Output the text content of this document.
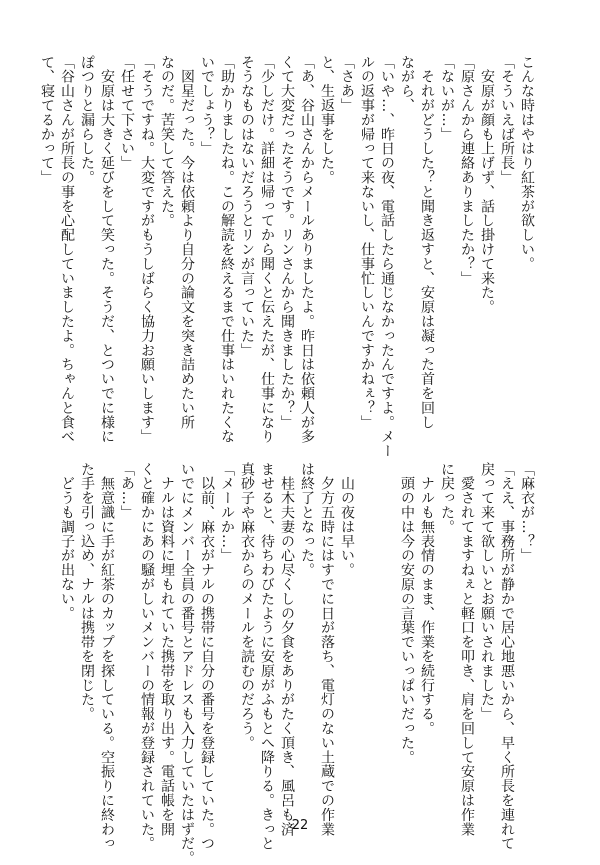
こんな時はやはり紅茶が欲しい。
「そういえば所長」
　安原が顔も上げず、話し掛けて来た。
「原さんから連絡ありましたか？」
「ないが…」
　それがどうした？と聞き返すと、安原は凝った首を回し
ながら、
「いや…、昨日の夜、電話したら通じなかったんですよ。メー
ルの返事が帰って来ないし、仕事忙しいんですかねぇ？」
「さあ」
と、生返事をした。
「あ、谷山さんからメールありましたよ。昨日は依頼人が多
くて大変だったそうです。リンさんから聞きましたか？」
「少しだけ。詳細は帰ってから聞くと伝えたが、仕事になり
そうなものはないだろうとリンが言っていた」
「助かりましたね。この解読を終えるまで仕事はいれたくな
いでしょう？」
　図星だった。今は依頼より自分の論文を突き詰めたい所
なのだ。苦笑して答えた。
「そうですね。大変ですがもうしばらく協力お願いします」
「任せて下さい」
　安原は大きく延びをして笑った。そうだ、とついでに様に
ぽつりと漏らした。
「谷山さんが所長の事を心配していましたよ。ちゃんと食べ
て、寝てるかって」
「麻衣が…？」
「ええ、事務所が静かで居心地悪いから、早く所長を連れて
戻って来て欲しいとお願いされました」
　愛されてますねぇと軽口を叩き、肩を回して安原は作業
に戻った。
　ナルも無表情のまま、作業を続行する。
　頭の中は今の安原の言葉でいっぱいだった。

　山の夜は早い。
　夕方五時にはすでに日が落ち、電灯のない土蔵での作業
は終了となった。
　桂木夫妻の心尽くしの夕食をありがたく頂き、風呂も済
ませると、待ちわびたように安原がふもとへ降りる。きっと
真砂子や麻衣からのメールを読むのだろう。
「メールか…」
　以前、麻衣がナルの携帯に自分の番号を登録していた。つ
いでにメンバー全員の番号とアドレスも入力していたはずだ。
　ナルは資料に埋もれていた携帯を取り出す。電話帳を開
くと確かにあの騒がしいメンバーの情報が登録されていた。
「あ…」
　無意識に手が紅茶のカップを探している。空振りに終わっ
た手を引っ込め、ナルは携帯を閉じた。
　どうも調子が出ない。
22
